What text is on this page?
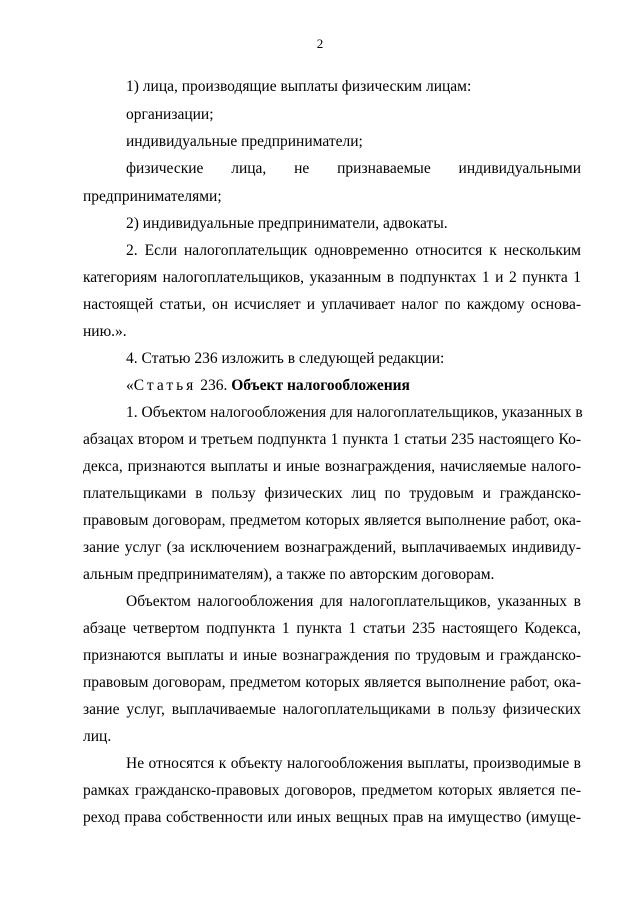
2
1) лица, производящие выплаты физическим лицам:
организации;
индивидуальные предприниматели;
физические лица, не признаваемые индивидуальными
предпринимателями;
2) индивидуальные предприниматели, адвокаты.
2. Если налогоплательщик одновременно относится к нескольким
категориям налогоплательщиков, указанным в подпунктах 1 и 2 пункта 1
настоящей статьи, он исчисляет и уплачивает налог по каждому основа-
нию.».
4. Статью 236 изложить в следующей редакции:
«Статья 236. Объект налогообложения
1. Объектом налогообложения для налогоплательщиков, указанных в
абзацах втором и третьем подпункта 1 пункта 1 статьи 235 настоящего Ко-
декса, признаются выплаты и иные вознаграждения, начисляемые налого-
плательщиками в пользу физических лиц по трудовым и гражданско-
правовым договорам, предметом которых является выполнение работ, ока-
зание услуг (за исключением вознаграждений, выплачиваемых индивиду-
альным предпринимателям), а также по авторским договорам.
Объектом налогообложения для налогоплательщиков, указанных в
абзаце четвертом подпункта 1 пункта 1 статьи 235 настоящего Кодекса,
признаются выплаты и иные вознаграждения по трудовым и гражданско-
правовым договорам, предметом которых является выполнение работ, ока-
зание услуг, выплачиваемые налогоплательщиками в пользу физических
лиц.
Не относятся к объекту налогообложения выплаты, производимые в
рамках гражданско-правовых договоров, предметом которых является пе-
реход права собственности или иных вещных прав на имущество (имуще-
